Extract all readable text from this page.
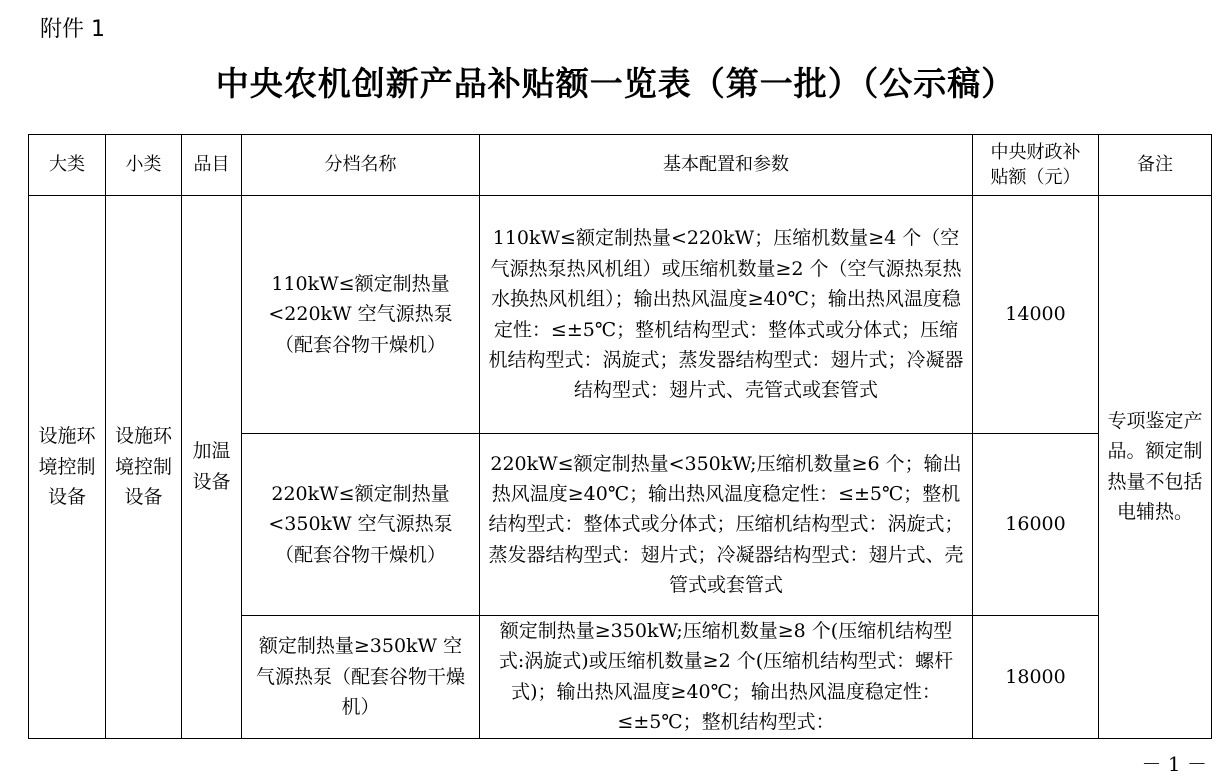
附件 1
中央农机创新产品补贴额一览表（第一批）（公示稿）
大类	小类	品目	分档名称	基本配置和参数	中央财政补贴额（元）	备注
设施环境控制设备	设施环境控制设备	加温设备	110kW≤额定制热量<220kW 空气源热泵（配套谷物干燥机）	110kW≤额定制热量<220kW；压缩机数量≥4 个（空气源热泵热风机组）或压缩机数量≥2 个（空气源热泵热水换热风机组）；输出热风温度≥40℃；输出热风温度稳定性：≤±5℃；整机结构型式：整体式或分体式；压缩机结构型式：涡旋式；蒸发器结构型式：翅片式；冷凝器结构型式：翅片式、壳管式或套管式	14000	专项鉴定产品。额定制热量不包括电辅热。
			220kW≤额定制热量<350kW 空气源热泵（配套谷物干燥机）	220kW≤额定制热量<350kW;压缩机数量≥6 个；输出热风温度≥40℃；输出热风温度稳定性：≤±5℃；整机结构型式：整体式或分体式；压缩机结构型式：涡旋式；蒸发器结构型式：翅片式；冷凝器结构型式：翅片式、壳管式或套管式	16000	
			额定制热量≥350kW 空气源热泵（配套谷物干燥机）	额定制热量≥350kW;压缩机数量≥8 个(压缩机结构型式:涡旋式)或压缩机数量≥2 个(压缩机结构型式：螺杆式)；输出热风温度≥40℃；输出热风温度稳定性：≤±5℃；整机结构型式：	18000	
－ 1 －
